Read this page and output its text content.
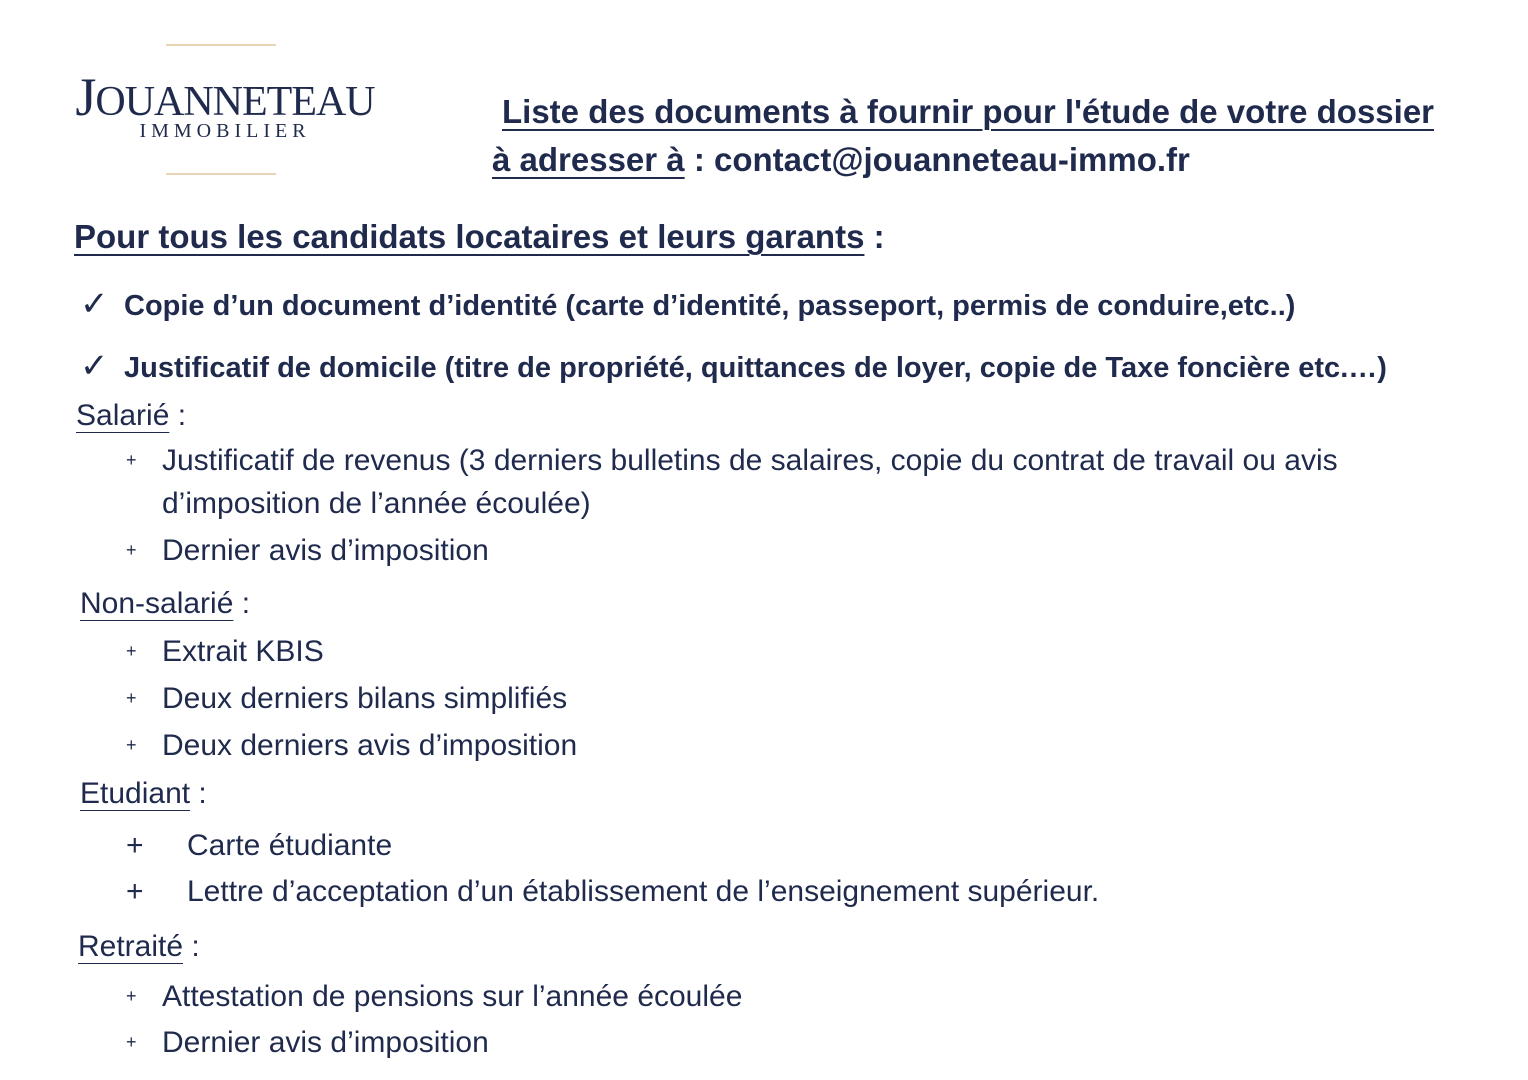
JOUANNETEAU
IMMOBILIER
Liste des documents à fournir pour l'étude de votre dossier
à adresser à : contact@jouanneteau-immo.fr
Pour tous les candidats locataires et leurs garants :
✓ Copie d’un document d’identité (carte d’identité, passeport, permis de conduire,etc..)
✓ Justificatif de domicile (titre de propriété, quittances de loyer, copie de Taxe foncière etc.…)
Salarié :
+ Justificatif de revenus (3 derniers bulletins de salaires, copie du contrat de travail ou avis d’imposition de l’année écoulée)
+ Dernier avis d’imposition
Non-salarié :
+ Extrait KBIS
+ Deux derniers bilans simplifiés
+ Deux derniers avis d’imposition
Etudiant :
+	Carte étudiante
+	Lettre d’acceptation d’un établissement de l’enseignement supérieur.
Retraité :
+ Attestation de pensions sur l’année écoulée
+ Dernier avis d’imposition
